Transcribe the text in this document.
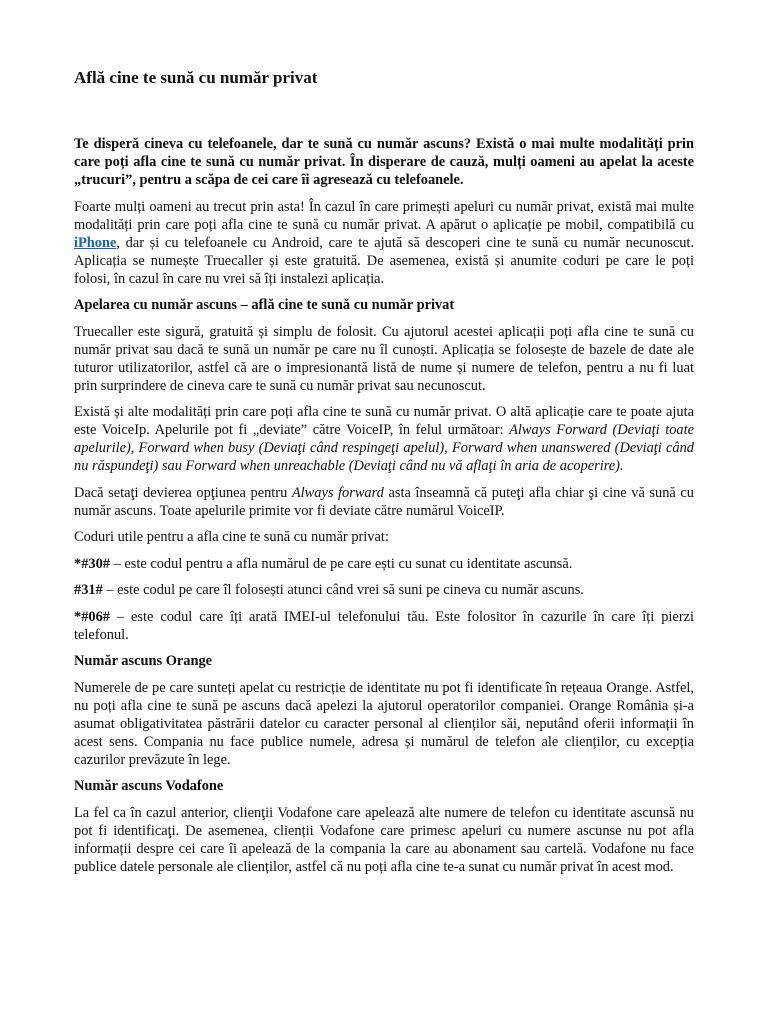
Află cine te sună cu număr privat

Te disperă cineva cu telefoanele, dar te sună cu număr ascuns? Există o mai multe modalități prin care poți afla cine te sună cu număr privat. În disperare de cauză, mulți oameni au apelat la aceste „trucuri”, pentru a scăpa de cei care îi agresează cu telefoanele.

Foarte mulți oameni au trecut prin asta! În cazul în care primești apeluri cu număr privat, există mai multe modalități prin care poți afla cine te sună cu număr privat. A apărut o aplicație pe mobil, compatibilă cu iPhone, dar și cu telefoanele cu Android, care te ajută să descoperi cine te sună cu număr necunoscut. Aplicația se numește Truecaller și este gratuită. De asemenea, există și anumite coduri pe care le poți folosi, în cazul în care nu vrei să îți instalezi aplicația.

Apelarea cu număr ascuns – află cine te sună cu număr privat

Truecaller este sigură, gratuită și simplu de folosit. Cu ajutorul acestei aplicații poți afla cine te sună cu număr privat sau dacă te sună un număr pe care nu îl cunoști. Aplicația se folosește de bazele de date ale tuturor utilizatorilor, astfel că are o impresionantă listă de nume și numere de telefon, pentru a nu fi luat prin surprindere de cineva care te sună cu număr privat sau necunoscut.

Există și alte modalități prin care poți afla cine te sună cu număr privat. O altă aplicație care te poate ajuta este VoiceIp. Apelurile pot fi „deviate” către VoiceIP, în felul următoar: Always Forward (Deviaţi toate apelurile), Forward when busy (Deviaţi când respingeţi apelul), Forward when unanswered (Deviaţi când nu răspundeţi) sau Forward when unreachable (Deviaţi când nu vă aflaţi în aria de acoperire).

Dacă setaţi devierea opţiunea pentru Always forward asta înseamnă că puteţi afla chiar şi cine vă sună cu număr ascuns. Toate apelurile primite vor fi deviate către numărul VoiceIP.

Coduri utile pentru a afla cine te sună cu număr privat:

*#30# – este codul pentru a afla numărul de pe care ești cu sunat cu identitate ascunsă.

#31# – este codul pe care îl folosești atunci când vrei să suni pe cineva cu număr ascuns.

*#06# – este codul care îți arată IMEI-ul telefonului tău. Este folositor în cazurile în care îți pierzi telefonul.

Număr ascuns Orange

Numerele de pe care sunteți apelat cu restricție de identitate nu pot fi identificate în rețeaua Orange. Astfel, nu poți afla cine te sună pe ascuns dacă apelezi la ajutorul operatorilor companiei. Orange România și-a asumat obligativitatea păstrării datelor cu caracter personal al clienților săi, neputând oferii informații în acest sens. Compania nu face publice numele, adresa și numărul de telefon ale clienților, cu excepția cazurilor prevăzute în lege.

Număr ascuns Vodafone

La fel ca în cazul anterior, clienţii Vodafone care apelează alte numere de telefon cu identitate ascunsă nu pot fi identificaţi. De asemenea, clienții Vodafone care primesc apeluri cu numere ascunse nu pot afla informații despre cei care îi apelează de la compania la care au abonament sau cartelă. Vodafone nu face publice datele personale ale clienților, astfel că nu poți afla cine te-a sunat cu număr privat în acest mod.
